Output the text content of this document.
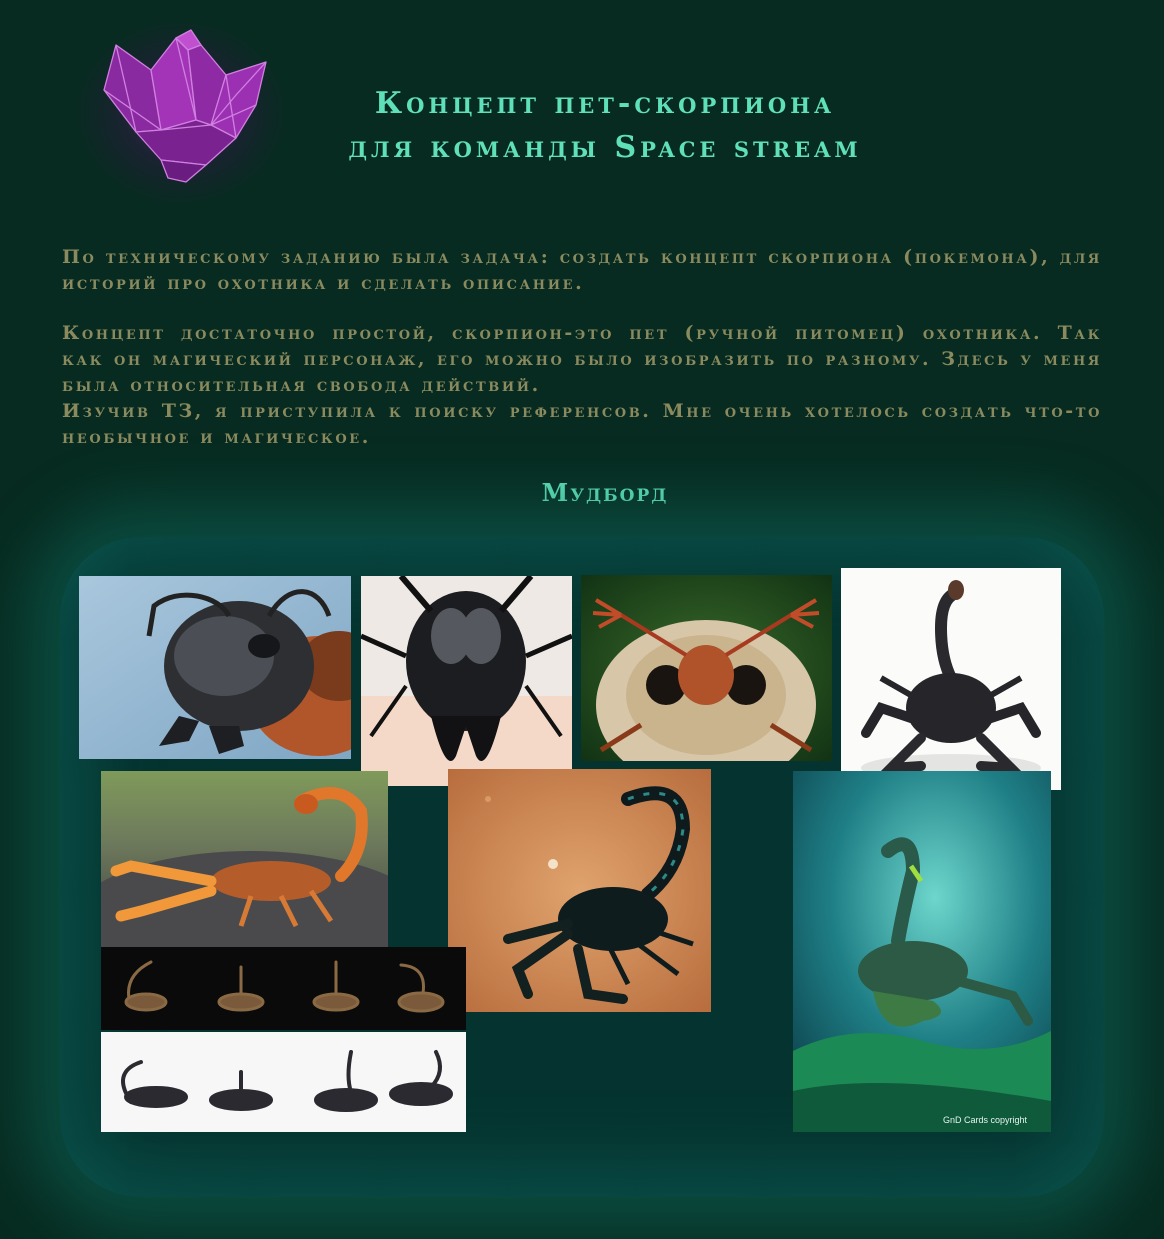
Концепт пет-скорпиона
для команды Space stream

По техническому заданию была задача: создать концепт скорпиона (покемона), для историй про охотника и сделать описание.

Концепт достаточно простой, скорпион-это пет (ручной питомец) охотника. Так как он магический персонаж, его можно было изобразить по разному. Здесь у меня была относительная свобода действий.

Изучив ТЗ, я приступила к поиску референсов. Мне очень хотелось создать что-то необычное и магическое.

Мудборд
GnD Cards copyright
